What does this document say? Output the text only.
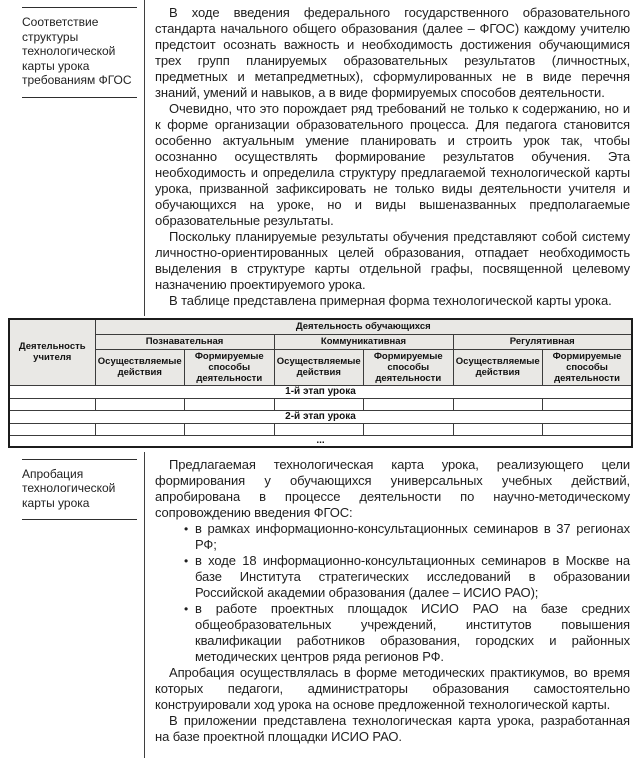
Соответствие структуры технологической карты урока требованиям ФГОС

В ходе введения федерального государственного образовательного стандарта начального общего образования (далее – ФГОС) каждому учителю предстоит осознать важность и необходимость достижения обучающимися трех групп планируемых образовательных результатов (личностных, предметных и метапредметных), сформулированных не в виде перечня знаний, умений и навыков, а в виде формируемых способов деятельности.

Очевидно, что это порождает ряд требований не только к содержанию, но и к форме организации образовательного процесса. Для педагога становится особенно актуальным умение планировать и строить урок так, чтобы осознанно осуществлять формирование результатов обучения. Эта необходимость и определила структуру предлагаемой технологической карты урока, призванной зафиксировать не только виды деятельности учителя и обучающихся на уроке, но и виды вышеназванных предполагаемые образовательные результаты.

Поскольку планируемые результаты обучения представляют собой систему личностно-ориентированных целей образования, отпадает необходимость выделения в структуре карты отдельной графы, посвященной целевому назначению проектируемого урока.

В таблице представлена примерная форма технологической карты урока.

Деятельность учителя	Деятельность обучающихся					
	Познавательная		Коммуникативная		Регулятивная	
	Осуществляемые действия	Формируемые способы деятельности	Осуществляемые действия	Формируемые способы деятельности	Осуществляемые действия	Формируемые способы деятельности
1-й этап урока						

2-й этап урока						

...						
Апробация технологической карты урока

Предлагаемая технологическая карта урока, реализующего цели формирования у обучающихся универсальных учебных действий, апробирована в процессе деятельности по научно-методическому сопровождению введения ФГОС:

• в рамках информационно-консультационных семинаров в 37 регионах РФ;
• в ходе 18 информационно-консультационных семинаров в Москве на базе Института стратегических исследований в образовании Российской академии образования (далее – ИСИО РАО);
• в работе проектных площадок ИСИО РАО на базе средних общеобразовательных учреждений, институтов повышения квалификации работников образования, городских и районных методических центров ряда регионов РФ.

Апробация осуществлялась в форме методических практикумов, во время которых педагоги, администраторы образования самостоятельно конструировали ход урока на основе предложенной технологической карты.

В приложении представлена технологическая карта урока, разработанная на базе проектной площадки ИСИО РАО.
